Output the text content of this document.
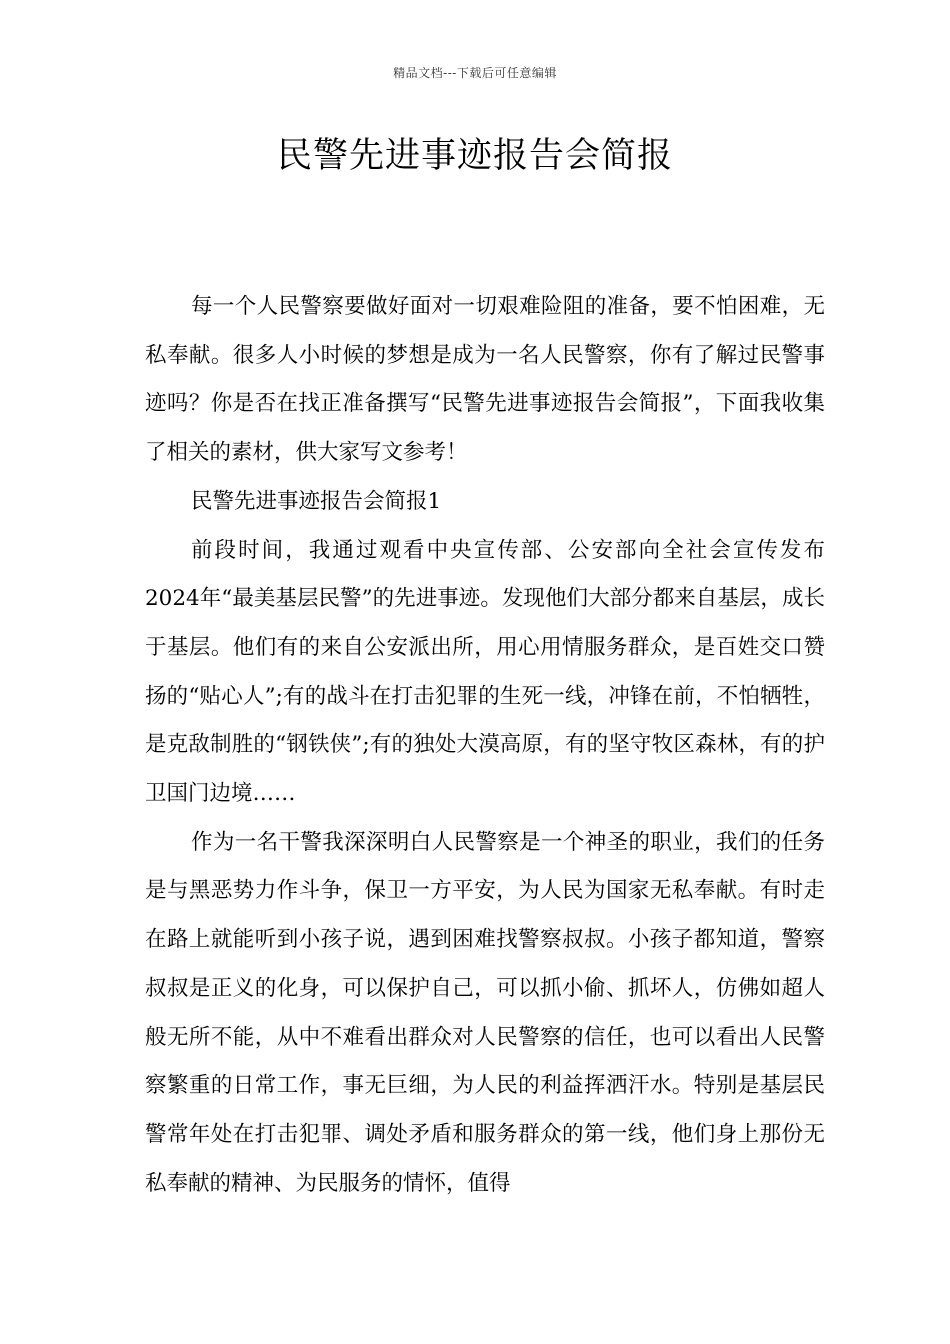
精品文档---下载后可任意编辑
民警先进事迹报告会简报

每一个人民警察要做好面对一切艰难险阻的准备，要不怕困难，无私奉献。很多人小时候的梦想是成为一名人民警察，你有了解过民警事迹吗？你是否在找正准备撰写“民警先进事迹报告会简报”，下面我收集了相关的素材，供大家写文参考！

民警先进事迹报告会简报1

前段时间，我通过观看中央宣传部、公安部向全社会宣传发布2024年“最美基层民警”的先进事迹。发现他们大部分都来自基层，成长于基层。他们有的来自公安派出所，用心用情服务群众，是百姓交口赞扬的“贴心人”;有的战斗在打击犯罪的生死一线，冲锋在前，不怕牺牲，是克敌制胜的“钢铁侠”;有的独处大漠高原，有的坚守牧区森林，有的护卫国门边境……

作为一名干警我深深明白人民警察是一个神圣的职业，我们的任务是与黑恶势力作斗争，保卫一方平安，为人民为国家无私奉献。有时走在路上就能听到小孩子说，遇到困难找警察叔叔。小孩子都知道，警察叔叔是正义的化身，可以保护自己，可以抓小偷、抓坏人，仿佛如超人般无所不能，从中不难看出群众对人民警察的信任，也可以看出人民警察繁重的日常工作，事无巨细，为人民的利益挥洒汗水。特别是基层民警常年处在打击犯罪、调处矛盾和服务群众的第一线，他们身上那份无私奉献的精神、为民服务的情怀，值得
